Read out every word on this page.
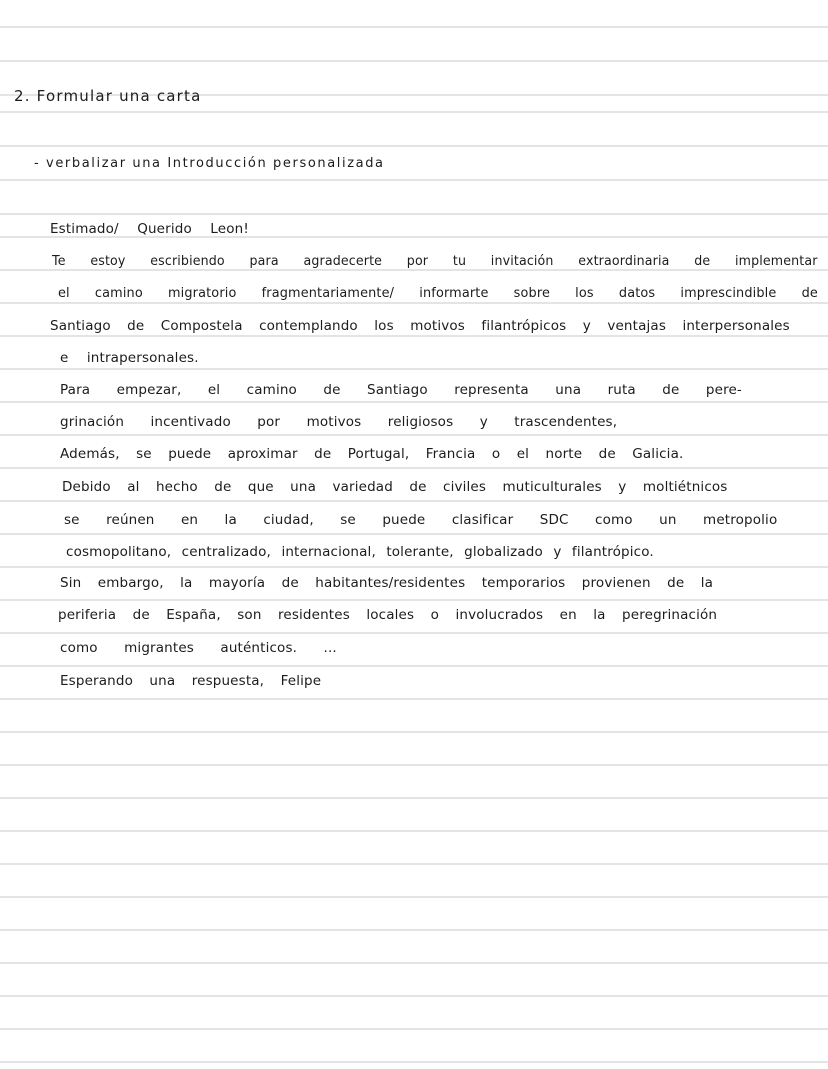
2. Formular una carta
- verbalizar una Introducción personalizada
Estimado/ Querido Leon!
Te estoy escribiendo para agradecerte por tu invitación extraordinaria de implementar
el camino migratorio fragmentariamente/ informarte sobre los datos imprescindible de
Santiago de Compostela contemplando los motivos filantrópicos y ventajas interpersonales
e intrapersonales.
Para empezar, el camino de Santiago representa una ruta de pere-
grinación incentivado por motivos religiosos y trascendentes,
Además, se puede aproximar de Portugal, Francia o el norte de Galicia.
Debido al hecho de que una variedad de civiles muticulturales y moltiétnicos
se reúnen en la ciudad, se puede clasificar SDC como un metropolio
cosmopolitano, centralizado, internacional, tolerante, globalizado y filantrópico.
Sin embargo, la mayoría de habitantes/residentes temporarios provienen de la
periferia de España, son residentes locales o involucrados en la peregrinación
como migrantes auténticos. ...
Esperando una respuesta, Felipe
